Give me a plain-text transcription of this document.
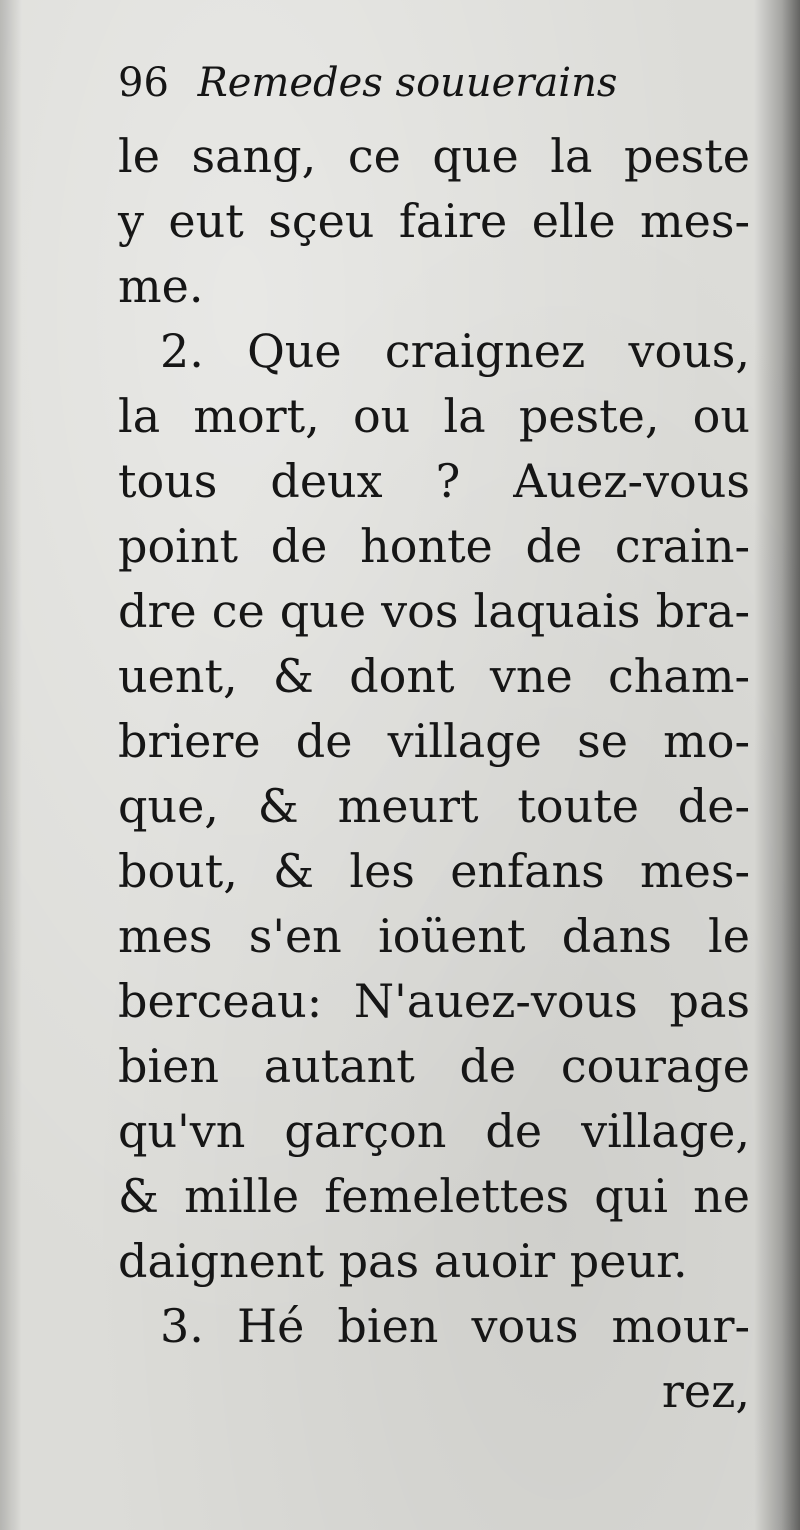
96 Remedes souuerains
le sang, ce que la peste
y eut sçeu faire elle mes-
me.
2. Que craignez vous,
la mort, ou la peste, ou
tous deux ? Auez-vous
point de honte de crain-
dre ce que vos laquais bra-
uent, & dont vne cham-
briere de village se mo-
que, & meurt toute de-
bout, & les enfans mes-
mes s'en ioüent dans le
berceau: N'auez-vous pas
bien autant de courage
qu'vn garçon de village,
& mille femelettes qui ne
daignent pas auoir peur.
3. Hé bien vous mour-
rez,
